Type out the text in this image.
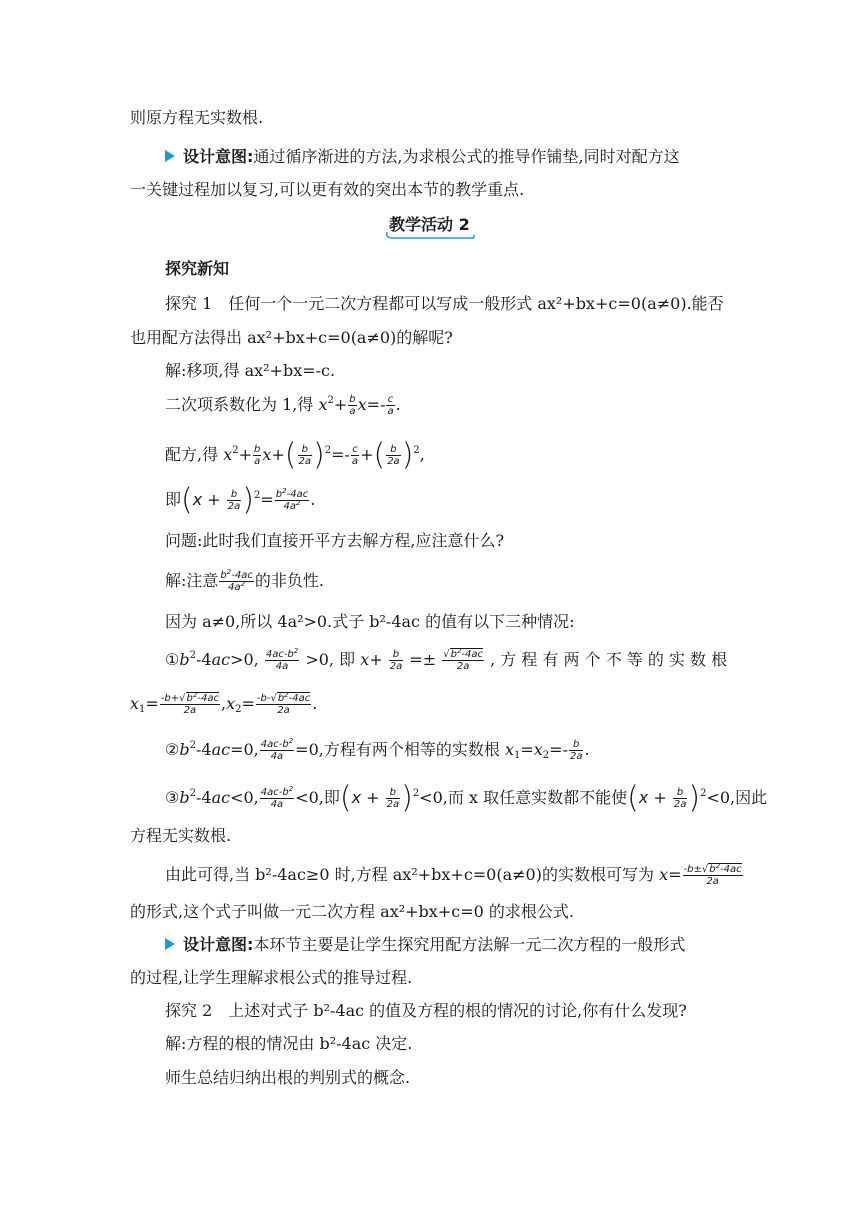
则原方程无实数根.
设计意图:通过循序渐进的方法,为求根公式的推导作铺垫,同时对配方这
一关键过程加以复习,可以更有效的突出本节的教学重点.
教学活动 2
探究新知
探究 1　任何一个一元二次方程都可以写成一般形式 ax²+bx+c=0(a≠0).能否
也用配方法得出 ax²+bx+c=0(a≠0)的解呢?
解:移项,得 ax²+bx=-c.
二次项系数化为 1,得 $x^2+ \frac{b}{a} x=- \frac{c}{a}$ .
配方,得 $x^2+ \frac{b}{a} x+( \frac{b}{2a} )^2=- \frac{c}{a}$ +( $\frac{b}{2a} )^2$,
即$(x + \frac{b}{2a} )^2= \frac{b^2-4ac}{4a^2}$ .
问题:此时我们直接开平方去解方程,应注意什么?
解:注意 $\frac{b^2-4ac}{4a^2}$ 的非负性.
因为 a≠0,所以 4a²>0.式子 b²-4ac 的值有以下三种情况:
$①b^2-4ac>0$, $\frac{4ac-b^2}{4a} >0$, 即 $x+ \frac{b}{2a} =\pm \frac{√b^2-4ac}{2a}$ , 方 程 有 两 个 不 等 的 实 数 根
$x_1= \frac{-b+√b^2-4ac}{2a} ,x_2= \frac{-b-√b^2-4ac}{2a}$ .
$②b^2-4ac=0$, $\frac{4ac-b^2}{4a} =0$,方程有两个相等的实数根 $x_1=x_2=- \frac{b}{2a}$ .
$③b^2-4ac<0$, $\frac{4ac-b^2}{4a} <0$,即$(x + \frac{b}{2a} )^2<0$,而 x 取任意实数都不能使$(x + \frac{b}{2a} )^2<0$,因此
方程无实数根.
由此可得,当 b²-4ac≥0 时,方程 ax²+bx+c=0(a≠0)的实数根可写为 $x= \frac{-b\pm√b^2-4ac}{2a}$
的形式,这个式子叫做一元二次方程 ax²+bx+c=0 的求根公式.
设计意图:本环节主要是让学生探究用配方法解一元二次方程的一般形式
的过程,让学生理解求根公式的推导过程.
探究 2　上述对式子 b²-4ac 的值及方程的根的情况的讨论,你有什么发现?
解:方程的根的情况由 b²-4ac 决定.
师生总结归纳出根的判别式的概念.
